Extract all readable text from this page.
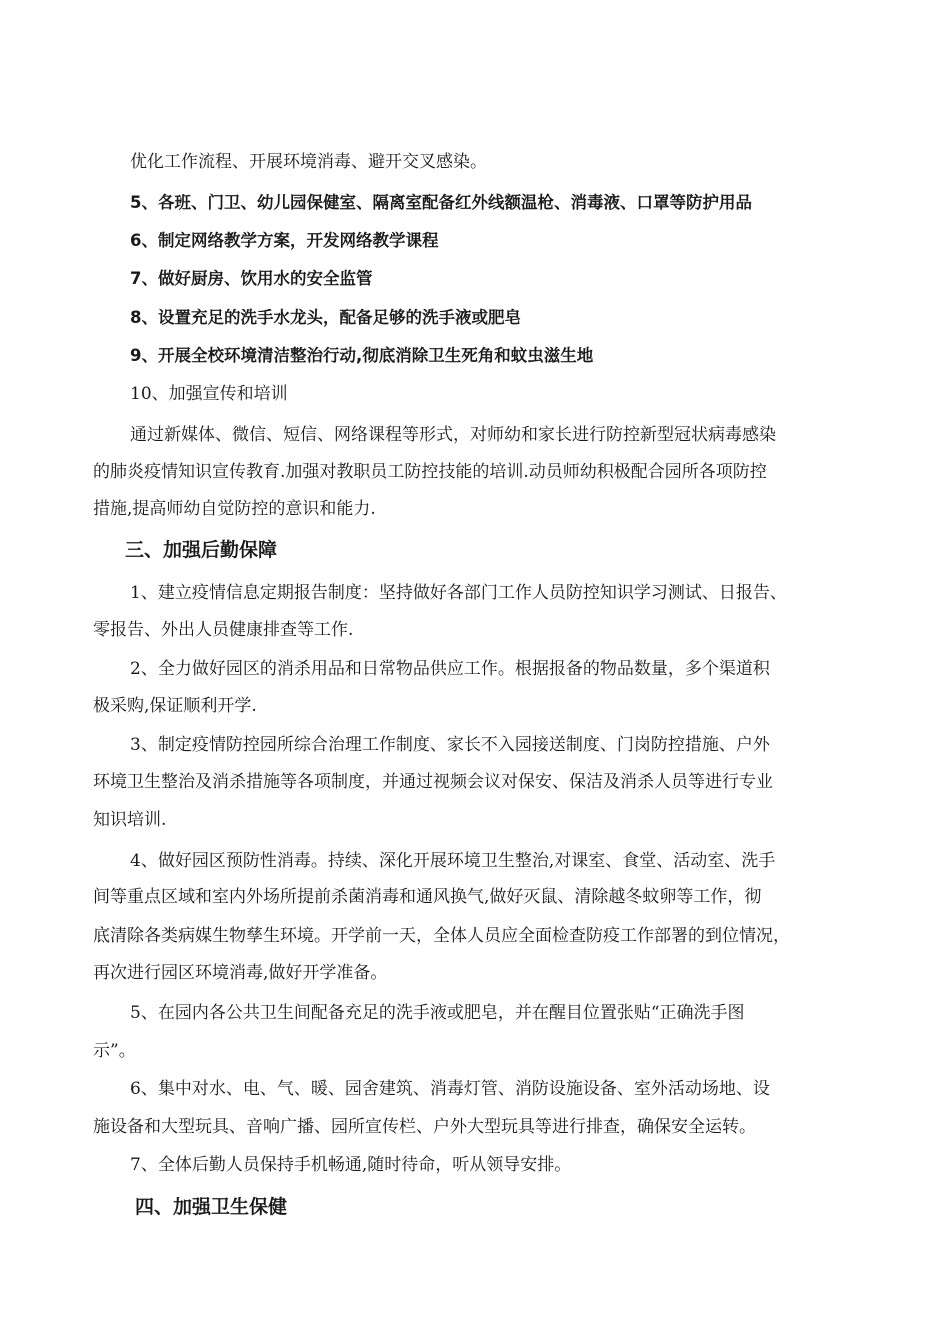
优化工作流程、开展环境消毒、避开交叉感染。
5、各班、门卫、幼儿园保健室、隔离室配备红外线额温枪、消毒液、口罩等防护用品
6、制定网络教学方案，开发网络教学课程
7、做好厨房、饮用水的安全监管
8、设置充足的洗手水龙头，配备足够的洗手液或肥皂
9、开展全校环境清洁整治行动,彻底消除卫生死角和蚊虫滋生地
10、加强宣传和培训
通过新媒体、微信、短信、网络课程等形式，对师幼和家长进行防控新型冠状病毒感染
的肺炎疫情知识宣传教育.加强对教职员工防控技能的培训.动员师幼积极配合园所各项防控
措施,提高师幼自觉防控的意识和能力.
三、加强后勤保障
1、建立疫情信息定期报告制度：坚持做好各部门工作人员防控知识学习测试、日报告、
零报告、外出人员健康排查等工作.
2、全力做好园区的消杀用品和日常物品供应工作。根据报备的物品数量，多个渠道积
极采购,保证顺利开学.
3、制定疫情防控园所综合治理工作制度、家长不入园接送制度、门岗防控措施、户外
环境卫生整治及消杀措施等各项制度，并通过视频会议对保安、保洁及消杀人员等进行专业
知识培训.
4、做好园区预防性消毒。持续、深化开展环境卫生整治,对课室、食堂、活动室、洗手
间等重点区域和室内外场所提前杀菌消毒和通风换气,做好灭鼠、清除越冬蚊卵等工作，彻
底清除各类病媒生物孳生环境。开学前一天，全体人员应全面检查防疫工作部署的到位情况，
再次进行园区环境消毒,做好开学准备。
5、在园内各公共卫生间配备充足的洗手液或肥皂，并在醒目位置张贴“正确洗手图
示”。
6、集中对水、电、气、暖、园舍建筑、消毒灯管、消防设施设备、室外活动场地、设
施设备和大型玩具、音响广播、园所宣传栏、户外大型玩具等进行排查，确保安全运转。
7、全体后勤人员保持手机畅通,随时待命，听从领导安排。
四、加强卫生保健
